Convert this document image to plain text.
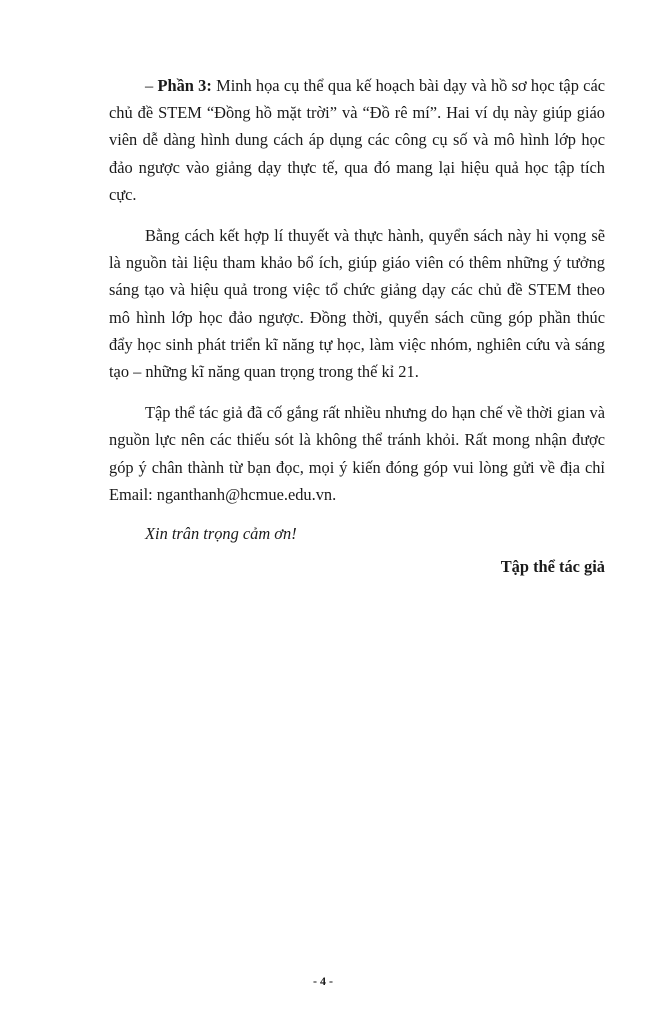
– Phần 3: Minh họa cụ thể qua kế hoạch bài dạy và hồ sơ học tập các chủ đề STEM “Đồng hồ mặt trời” và “Đồ rê mí”. Hai ví dụ này giúp giáo viên dễ dàng hình dung cách áp dụng các công cụ số và mô hình lớp học đảo ngược vào giảng dạy thực tế, qua đó mang lại hiệu quả học tập tích cực.

Bằng cách kết hợp lí thuyết và thực hành, quyển sách này hi vọng sẽ là nguồn tài liệu tham khảo bổ ích, giúp giáo viên có thêm những ý tưởng sáng tạo và hiệu quả trong việc tổ chức giảng dạy các chủ đề STEM theo mô hình lớp học đảo ngược. Đồng thời, quyển sách cũng góp phần thúc đẩy học sinh phát triển kĩ năng tự học, làm việc nhóm, nghiên cứu và sáng tạo – những kĩ năng quan trọng trong thế kỉ 21.

Tập thể tác giả đã cố gắng rất nhiều nhưng do hạn chế về thời gian và nguồn lực nên các thiếu sót là không thể tránh khỏi. Rất mong nhận được góp ý chân thành từ bạn đọc, mọi ý kiến đóng góp vui lòng gửi về địa chỉ Email: nganthanh@hcmue.edu.vn.

Xin trân trọng cảm ơn!

Tập thể tác giả

- 4 -
